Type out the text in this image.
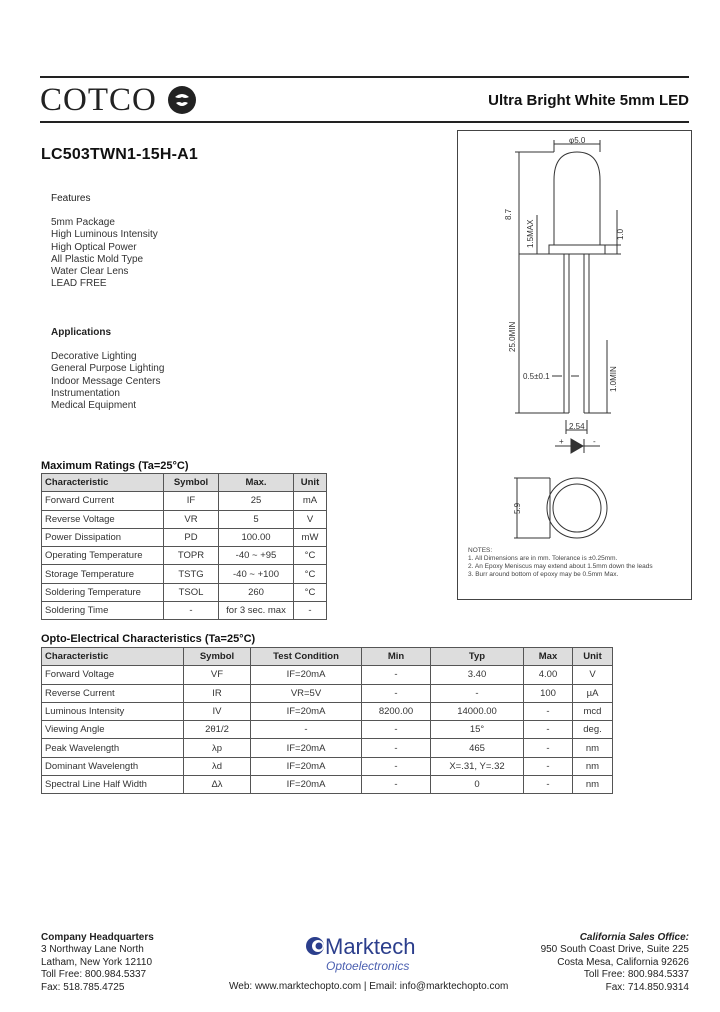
COTCO	Ultra Bright White 5mm LED
LC503TWN1-15H-A1
Features
5mm Package
High Luminous Intensity
High Optical Power
All Plastic Mold Type
Water Clear Lens
LEAD FREE
Applications
Decorative Lighting
General Purpose Lighting
Indoor Message Centers
Instrumentation
Medical Equipment
Maximum Ratings (Ta=25°C)
Characteristic	Symbol	Max.	Unit
Forward Current	IF	25	mA
Reverse Voltage	VR	5	V
Power Dissipation	PD	100.00	mW
Operating Temperature	TOPR	-40 ~ +95	°C
Storage Temperature	TSTG	-40 ~ +100	°C
Soldering Temperature	TSOL	260	°C
Soldering Time	-	for 3 sec. max	-
Opto-Electrical Characteristics (Ta=25°C)
Characteristic	Symbol	Test Condition	Min	Typ	Max	Unit
Forward Voltage	VF	IF=20mA	-	3.40	4.00	V
Reverse Current	IR	VR=5V	-	-	100	µA
Luminous Intensity	IV	IF=20mA	8200.00	14000.00	-	mcd
Viewing Angle	2θ1/2	-	-	15°	-	deg.
Peak Wavelength	λp	IF=20mA	-	465	-	nm
Dominant Wavelength	λd	IF=20mA	-	X=.31, Y=.32	-	nm
Spectral Line Half Width	Δλ	IF=20mA	-	0	-	nm
φ5.0
8.7
1.5MAX	1.0
25.0MIN
0.5±0.1	1.0MIN
2.54
+	-
5.9
NOTES:
1. All Dimensions are in mm. Tolerance is ±0.25mm.
2. An Epoxy Meniscus may extend about 1.5mm down the leads
3. Burr around bottom of epoxy may be 0.5mm Max.
Company Headquarters
3 Northway Lane North
Latham, New York 12110
Toll Free: 800.984.5337
Fax: 518.785.4725
Marktech
Optoelectronics
California Sales Office:
950 South Coast Drive, Suite 225
Costa Mesa, California 92626
Toll Free: 800.984.5337
Fax: 714.850.9314
Web: www.marktechopto.com | Email: info@marktechopto.com
